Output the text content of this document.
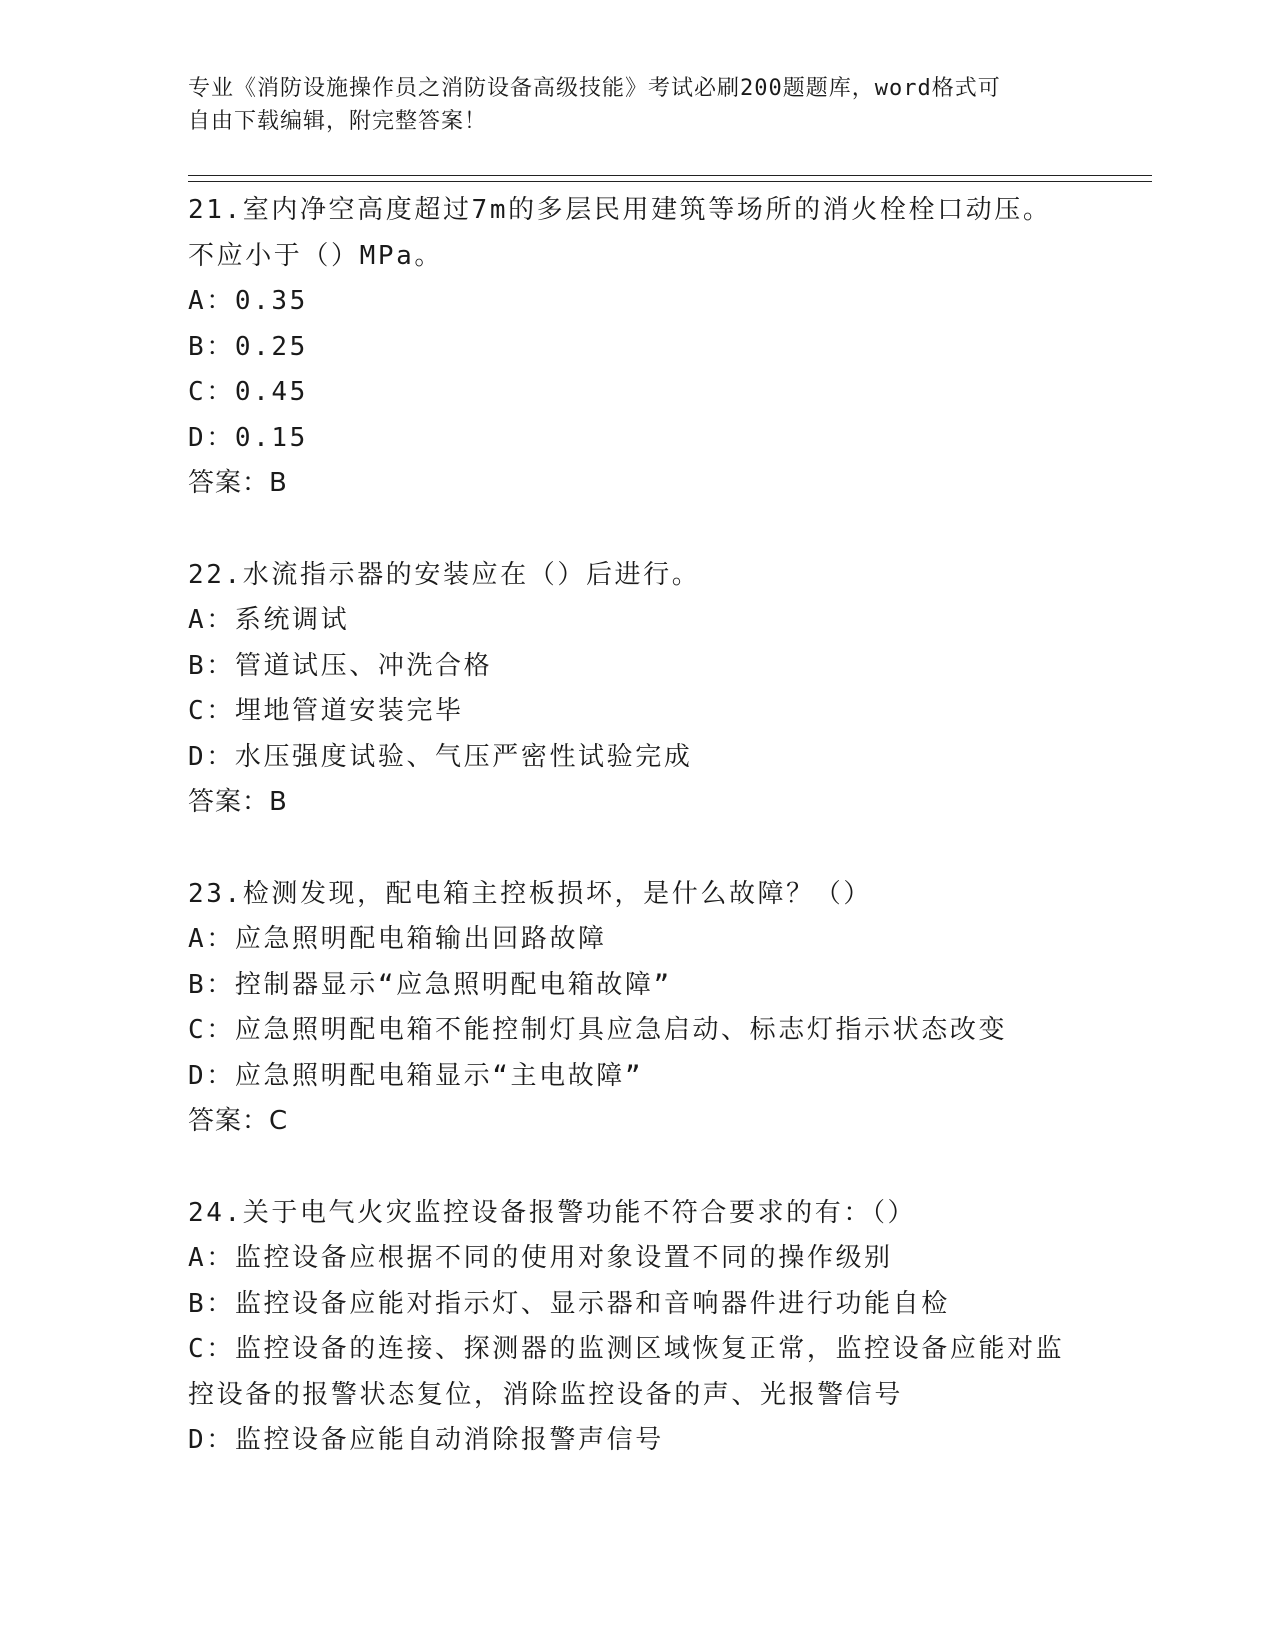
专业《消防设施操作员之消防设备高级技能》考试必刷200题题库，word格式可
自由下载编辑，附完整答案！
21.室内净空高度超过7m的多层民用建筑等场所的消火栓栓口动压。
不应小于（）MPa。
A：0.35
B：0.25
C：0.45
D：0.15
答案：B
22.水流指示器的安装应在（）后进行。
A：系统调试
B：管道试压、冲洗合格
C：埋地管道安装完毕
D：水压强度试验、气压严密性试验完成
答案：B
23.检测发现，配电箱主控板损坏，是什么故障？（）
A：应急照明配电箱输出回路故障
B：控制器显示“应急照明配电箱故障”
C：应急照明配电箱不能控制灯具应急启动、标志灯指示状态改变
D：应急照明配电箱显示“主电故障”
答案：C
24.关于电气火灾监控设备报警功能不符合要求的有：（）
A：监控设备应根据不同的使用对象设置不同的操作级别
B：监控设备应能对指示灯、显示器和音响器件进行功能自检
C：监控设备的连接、探测器的监测区域恢复正常，监控设备应能对监
控设备的报警状态复位，消除监控设备的声、光报警信号
D：监控设备应能自动消除报警声信号
